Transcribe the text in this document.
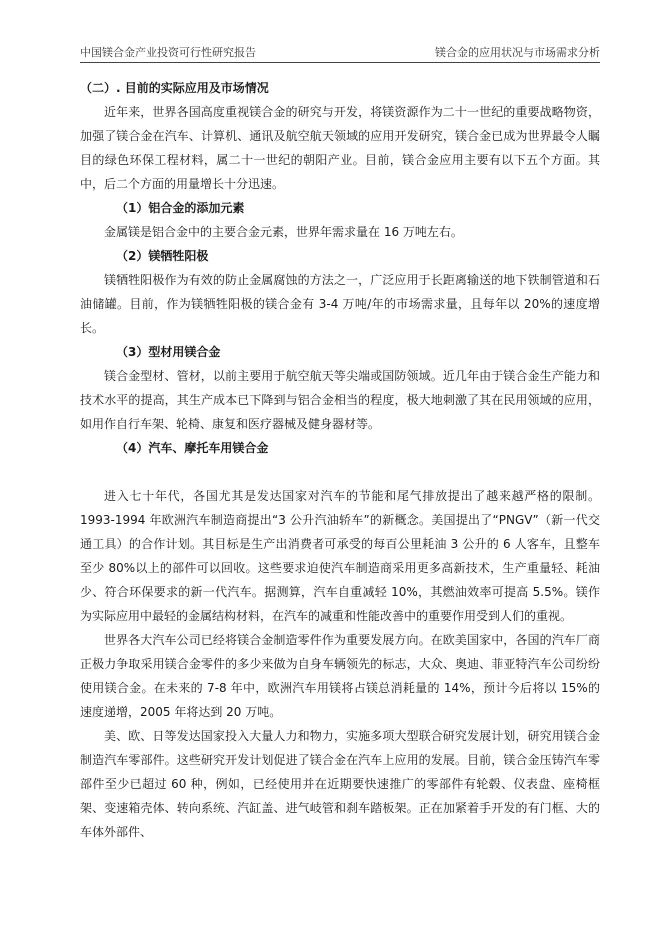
中国镁合金产业投资可行性研究报告	镁合金的应用状况与市场需求分析

（二）. 目前的实际应用及市场情况

近年来，世界各国高度重视镁合金的研究与开发，将镁资源作为二十一世纪的重要战略物资，加强了镁合金在汽车、计算机、通讯及航空航天领域的应用开发研究，镁合金已成为世界最令人瞩目的绿色环保工程材料，属二十一世纪的朝阳产业。目前，镁合金应用主要有以下五个方面。其中，后二个方面的用量增长十分迅速。

（1）铝合金的添加元素

金属镁是铝合金中的主要合金元素，世界年需求量在 16 万吨左右。

（2）镁牺牲阳极

镁牺牲阳极作为有效的防止金属腐蚀的方法之一，广泛应用于长距离输送的地下铁制管道和石油储罐。目前，作为镁牺牲阳极的镁合金有 3-4 万吨/年的市场需求量，且每年以 20%的速度增长。

（3）型材用镁合金

镁合金型材、管材，以前主要用于航空航天等尖端或国防领域。近几年由于镁合金生产能力和技术水平的提高，其生产成本已下降到与铝合金相当的程度，极大地刺激了其在民用领域的应用，如用作自行车架、轮椅、康复和医疗器械及健身器材等。

（4）汽车、摩托车用镁合金

进入七十年代，各国尤其是发达国家对汽车的节能和尾气排放提出了越来越严格的限制。1993-1994 年欧洲汽车制造商提出“3 公升汽油轿车”的新概念。美国提出了“PNGV”（新一代交通工具）的合作计划。其目标是生产出消费者可承受的每百公里耗油 3 公升的 6 人客车，且整车至少 80%以上的部件可以回收。这些要求迫使汽车制造商采用更多高新技术，生产重量轻、耗油少、符合环保要求的新一代汽车。据测算，汽车自重减轻 10%，其燃油效率可提高 5.5%。镁作为实际应用中最轻的金属结构材料，在汽车的减重和性能改善中的重要作用受到人们的重视。

世界各大汽车公司已经将镁合金制造零件作为重要发展方向。在欧美国家中，各国的汽车厂商正极力争取采用镁合金零件的多少来做为自身车辆领先的标志，大众、奥迪、菲亚特汽车公司纷纷使用镁合金。在未来的 7-8 年中，欧洲汽车用镁将占镁总消耗量的 14%，预计今后将以 15%的速度递增，2005 年将达到 20 万吨。

美、欧、日等发达国家投入大量人力和物力，实施多项大型联合研究发展计划，研究用镁合金制造汽车零部件。这些研究开发计划促进了镁合金在汽车上应用的发展。目前，镁合金压铸汽车零部件至少已超过 60 种，例如，已经使用并在近期要快速推广的零部件有轮毂、仪表盘、座椅框架、变速箱壳体、转向系统、汽缸盖、进气岐管和刹车踏板架。正在加紧着手开发的有门框、大的车体外部件、
